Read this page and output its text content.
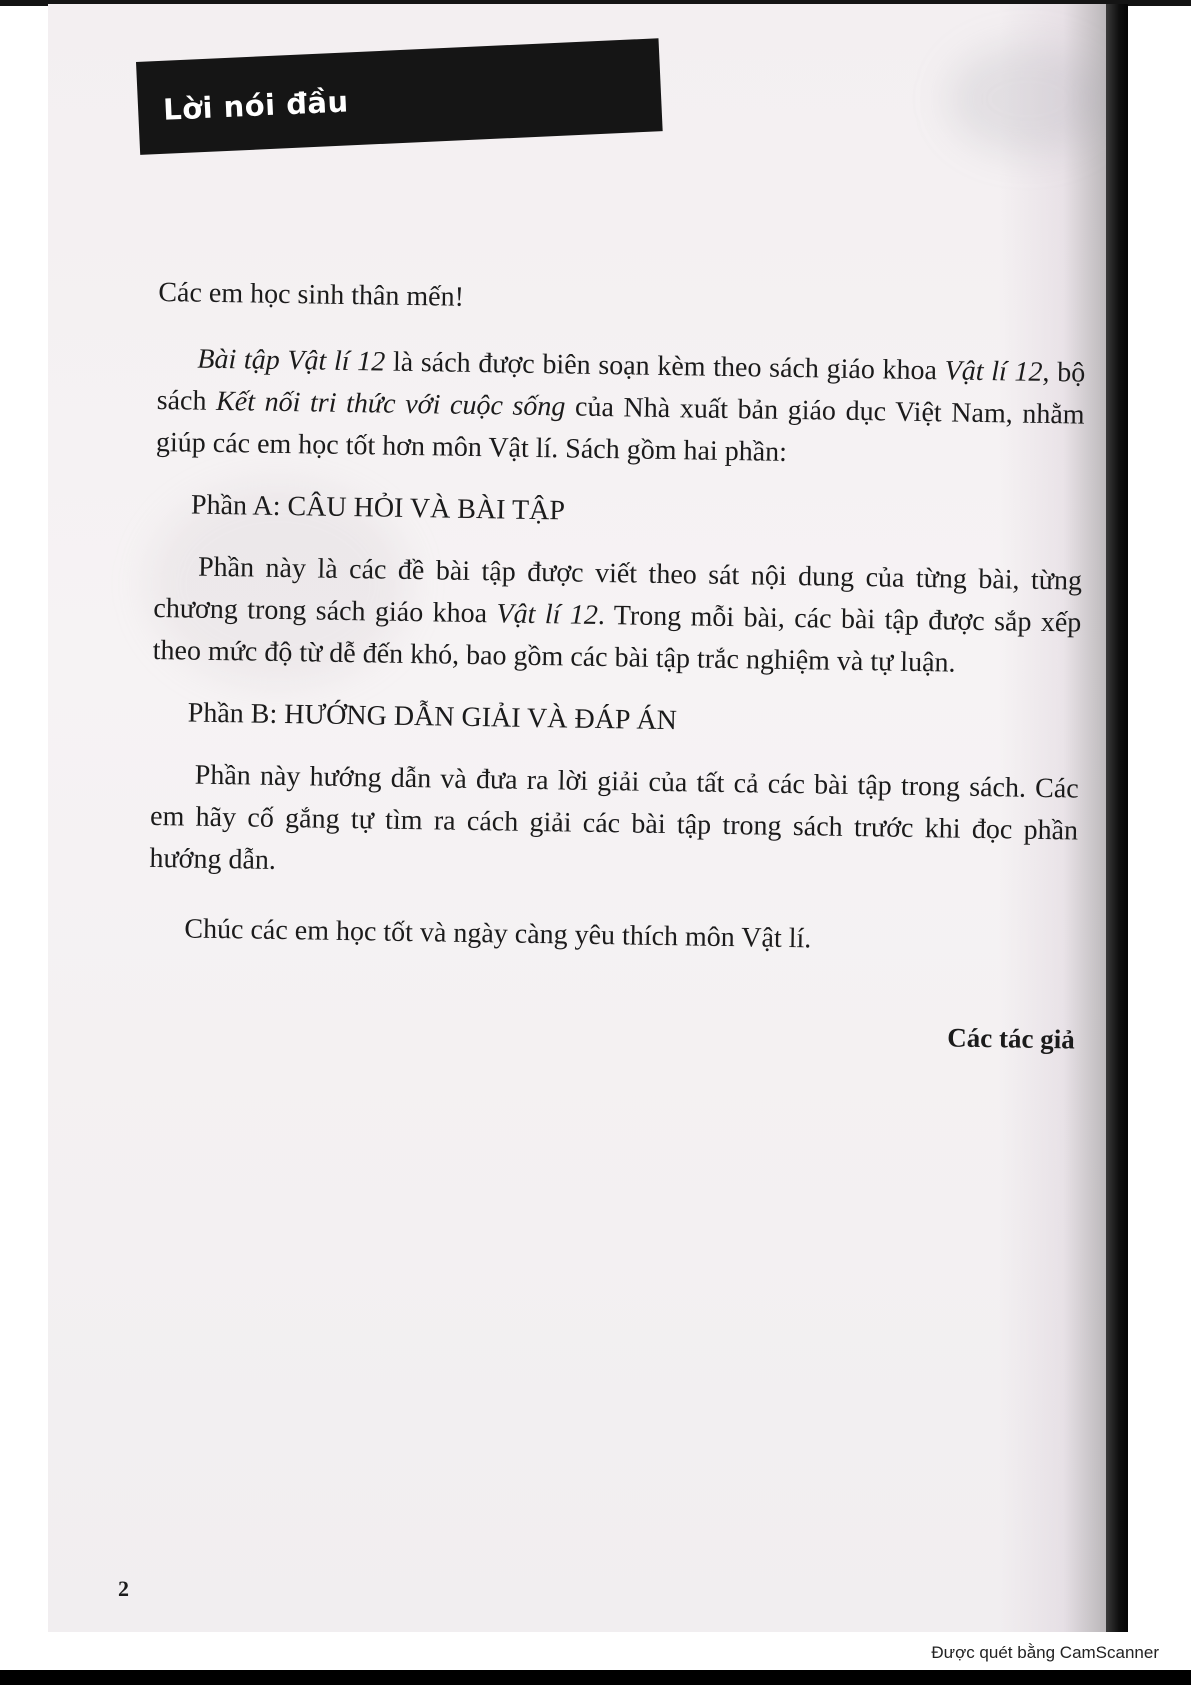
Lời nói đầu

Các em học sinh thân mến!

Bài tập Vật lí 12 là sách được biên soạn kèm theo sách giáo khoa Vật lí 12, bộ sách Kết nối tri thức với cuộc sống của Nhà xuất bản giáo dục Việt Nam, nhằm giúp các em học tốt hơn môn Vật lí. Sách gồm hai phần:

Phần A: CÂU HỎI VÀ BÀI TẬP

Phần này là các đề bài tập được viết theo sát nội dung của từng bài, từng chương trong sách giáo khoa Vật lí 12. Trong mỗi bài, các bài tập được sắp xếp theo mức độ từ dễ đến khó, bao gồm các bài tập trắc nghiệm và tự luận.

Phần B: HƯỚNG DẪN GIẢI VÀ ĐÁP ÁN

Phần này hướng dẫn và đưa ra lời giải của tất cả các bài tập trong sách. Các em hãy cố gắng tự tìm ra cách giải các bài tập trong sách trước khi đọc phần hướng dẫn.

Chúc các em học tốt và ngày càng yêu thích môn Vật lí.

Các tác giả

2
Được quét bằng CamScanner
